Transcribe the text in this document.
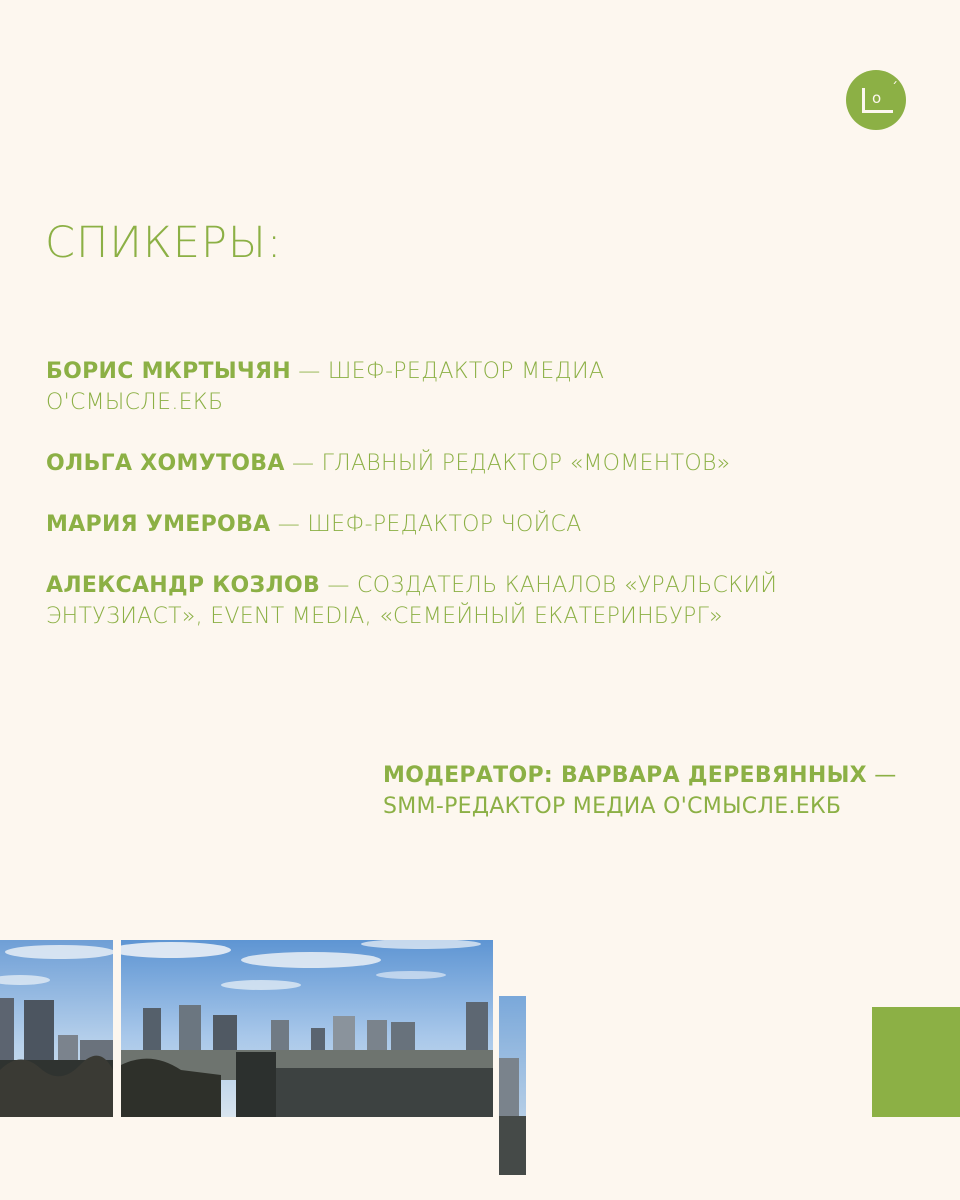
o ´
СПИКЕРЫ:
БОРИС МКРТЫЧЯН — ШЕФ-РЕДАКТОР МЕДИА О'СМЫСЛЕ.ЕКБ
ОЛЬГА ХОМУТОВА — ГЛАВНЫЙ РЕДАКТОР «МОМЕНТОВ»
МАРИЯ УМЕРОВА — ШЕФ-РЕДАКТОР ЧОЙСА
АЛЕКСАНДР КОЗЛОВ — СОЗДАТЕЛЬ КАНАЛОВ «УРАЛЬСКИЙ ЭНТУЗИАСТ», EVENT MEDIA, «СЕМЕЙНЫЙ ЕКАТЕРИНБУРГ»
МОДЕРАТОР: ВАРВАРА ДЕРЕВЯННЫХ — SMM-РЕДАКТОР МЕДИА О'СМЫСЛЕ.ЕКБ
